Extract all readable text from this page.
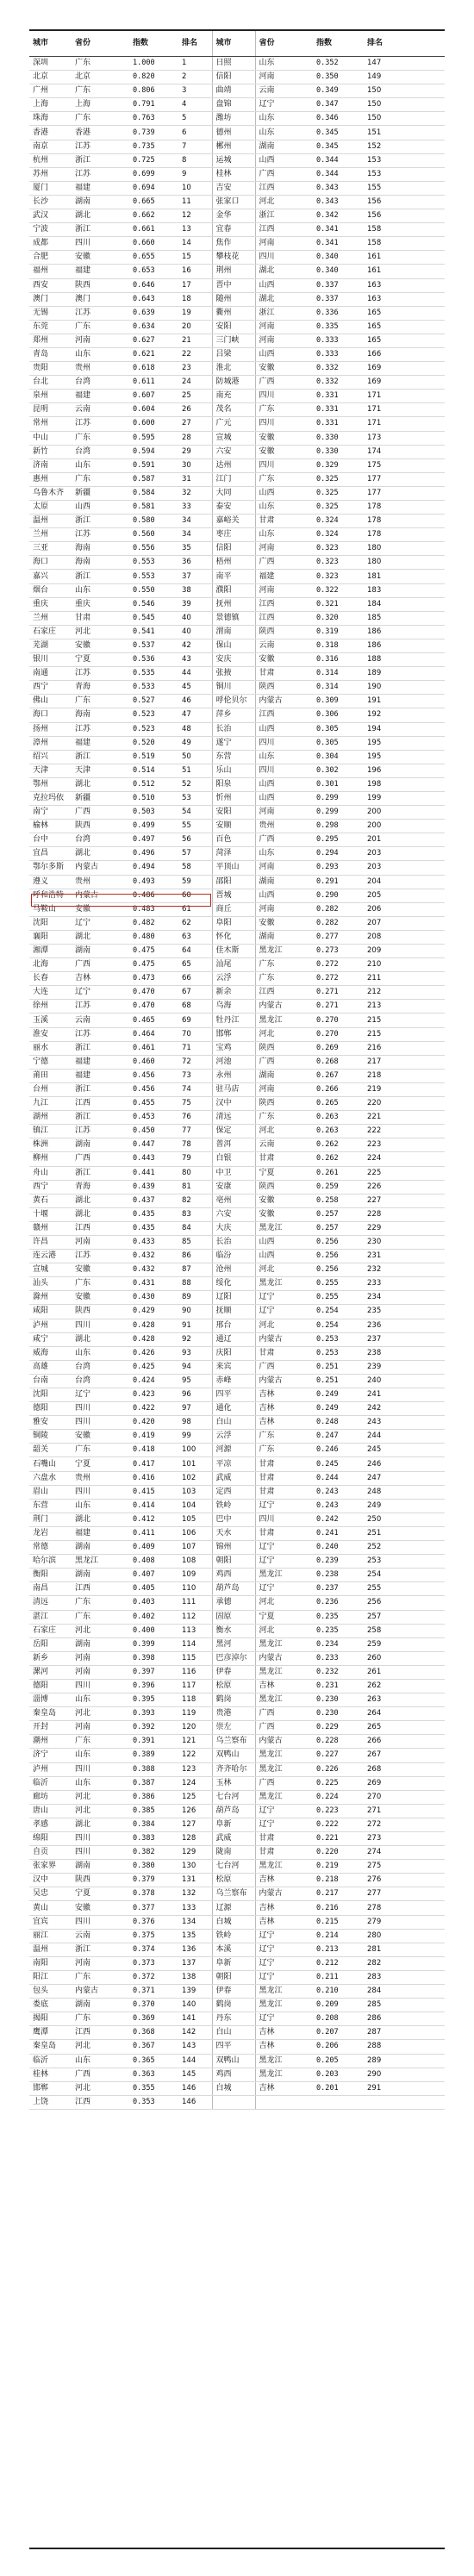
城市	省份	指数	排名	城市	省份	指数	排名
深圳	广东	1.000	1	日照	山东	0.352	147
北京	北京	0.820	2	信阳	河南	0.350	149
广州	广东	0.806	3	曲靖	云南	0.349	150
上海	上海	0.791	4	盘锦	辽宁	0.347	150
珠海	广东	0.763	5	潍坊	山东	0.346	150
香港	香港	0.739	6	德州	山东	0.345	151
南京	江苏	0.735	7	郴州	湖南	0.345	152
杭州	浙江	0.725	8	运城	山西	0.344	153
苏州	江苏	0.699	9	桂林	广西	0.344	153
厦门	福建	0.694	10	吉安	江西	0.343	155
长沙	湖南	0.665	11	张家口	河北	0.343	156
武汉	湖北	0.662	12	金华	浙江	0.342	156
宁波	浙江	0.661	13	宜春	江西	0.341	158
成都	四川	0.660	14	焦作	河南	0.341	158
合肥	安徽	0.655	15	攀枝花	四川	0.340	161
福州	福建	0.653	16	荆州	湖北	0.340	161
西安	陕西	0.646	17	晋中	山西	0.337	163
澳门	澳门	0.643	18	随州	湖北	0.337	163
无锡	江苏	0.639	19	衢州	浙江	0.336	165
东莞	广东	0.634	20	安阳	河南	0.335	165
郑州	河南	0.627	21	三门峡	河南	0.333	165
青岛	山东	0.621	22	吕梁	山西	0.333	166
贵阳	贵州	0.618	23	淮北	安徽	0.332	169
台北	台湾	0.611	24	防城港	广西	0.332	169
泉州	福建	0.607	25	南充	四川	0.331	171
昆明	云南	0.604	26	茂名	广东	0.331	171
常州	江苏	0.600	27	广元	四川	0.331	171
中山	广东	0.595	28	宣城	安徽	0.330	173
新竹	台湾	0.594	29	六安	安徽	0.330	174
济南	山东	0.591	30	达州	四川	0.329	175
惠州	广东	0.587	31	江门	广东	0.325	177
乌鲁木齐	新疆	0.584	32	大同	山西	0.325	177
太原	山西	0.581	33	泰安	山东	0.325	178
温州	浙江	0.580	34	嘉峪关	甘肃	0.324	178
兰州	江苏	0.560	34	枣庄	山东	0.324	178
三亚	海南	0.556	35	信阳	河南	0.323	180
海口	海南	0.553	36	梧州	广西	0.323	180
嘉兴	浙江	0.553	37	南平	福建	0.323	181
烟台	山东	0.550	38	濮阳	河南	0.322	183
重庆	重庆	0.546	39	抚州	江西	0.321	184
兰州	甘肃	0.545	40	景德镇	江西	0.320	185
石家庄	河北	0.541	40	渭南	陕西	0.319	186
芜湖	安徽	0.537	42	保山	云南	0.318	186
银川	宁夏	0.536	43	安庆	安徽	0.316	188
南通	江苏	0.535	44	张掖	甘肃	0.314	189
西宁	青海	0.533	45	铜川	陕西	0.314	190
佛山	广东	0.527	46	呼伦贝尔	内蒙古	0.309	191
海口	海南	0.523	47	萍乡	江西	0.306	192
扬州	江苏	0.523	48	长治	山西	0.305	194
漳州	福建	0.520	49	遂宁	四川	0.305	195
绍兴	浙江	0.519	50	东营	山东	0.304	195
天津	天津	0.514	51	乐山	四川	0.302	196
鄂州	湖北	0.512	52	阳泉	山西	0.301	198
克拉玛依	新疆	0.510	53	忻州	山西	0.299	199
南宁	广西	0.503	54	安阳	河南	0.299	200
榆林	陕西	0.499	55	安顺	贵州	0.298	200
台中	台湾	0.497	56	百色	广西	0.295	201
宜昌	湖北	0.496	57	菏泽	山东	0.294	203
鄂尔多斯	内蒙古	0.494	58	平顶山	河南	0.293	203
遵义	贵州	0.493	59	邵阳	湖南	0.291	204
呼和浩特	内蒙古	0.486	60	晋城	山西	0.290	205
马鞍山	安徽	0.483	61	商丘	河南	0.282	206
沈阳	辽宁	0.482	62	阜阳	安徽	0.282	207
襄阳	湖北	0.480	63	怀化	湖南	0.277	208
湘潭	湖南	0.475	64	佳木斯	黑龙江	0.273	209
北海	广西	0.475	65	汕尾	广东	0.272	210
长春	吉林	0.473	66	云浮	广东	0.272	211
大连	辽宁	0.470	67	新余	江西	0.271	212
徐州	江苏	0.470	68	乌海	内蒙古	0.271	213
玉溪	云南	0.465	69	牡丹江	黑龙江	0.270	215
淮安	江苏	0.464	70	邯郸	河北	0.270	215
丽水	浙江	0.461	71	宝鸡	陕西	0.269	216
宁德	福建	0.460	72	河池	广西	0.268	217
莆田	福建	0.456	73	永州	湖南	0.267	218
台州	浙江	0.456	74	驻马店	河南	0.266	219
九江	江西	0.455	75	汉中	陕西	0.265	220
湖州	浙江	0.453	76	清远	广东	0.263	221
镇江	江苏	0.450	77	保定	河北	0.263	222
株洲	湖南	0.447	78	普洱	云南	0.262	223
柳州	广西	0.443	79	白银	甘肃	0.262	224
舟山	浙江	0.441	80	中卫	宁夏	0.261	225
西宁	青海	0.439	81	安康	陕西	0.259	226
黄石	湖北	0.437	82	亳州	安徽	0.258	227
十堰	湖北	0.435	83	六安	安徽	0.257	228
赣州	江西	0.435	84	大庆	黑龙江	0.257	229
许昌	河南	0.433	85	长治	山西	0.256	230
连云港	江苏	0.432	86	临汾	山西	0.256	231
宣城	安徽	0.432	87	沧州	河北	0.256	232
汕头	广东	0.431	88	绥化	黑龙江	0.255	233
滁州	安徽	0.430	89	辽阳	辽宁	0.255	234
咸阳	陕西	0.429	90	抚顺	辽宁	0.254	235
泸州	四川	0.428	91	邢台	河北	0.254	236
咸宁	湖北	0.428	92	通辽	内蒙古	0.253	237
威海	山东	0.426	93	庆阳	甘肃	0.253	238
高雄	台湾	0.425	94	来宾	广西	0.251	239
台南	台湾	0.424	95	赤峰	内蒙古	0.251	240
沈阳	辽宁	0.423	96	四平	吉林	0.249	241
德阳	四川	0.422	97	通化	吉林	0.249	242
雅安	四川	0.420	98	白山	吉林	0.248	243
铜陵	安徽	0.419	99	云浮	广东	0.247	244
韶关	广东	0.418	100	河源	广东	0.246	245
石嘴山	宁夏	0.417	101	平凉	甘肃	0.245	246
六盘水	贵州	0.416	102	武威	甘肃	0.244	247
眉山	四川	0.415	103	定西	甘肃	0.243	248
东营	山东	0.414	104	铁岭	辽宁	0.243	249
荆门	湖北	0.412	105	巴中	四川	0.242	250
龙岩	福建	0.411	106	天水	甘肃	0.241	251
常德	湖南	0.409	107	锦州	辽宁	0.240	252
哈尔滨	黑龙江	0.408	108	朝阳	辽宁	0.239	253
衡阳	湖南	0.407	109	鸡西	黑龙江	0.238	254
南昌	江西	0.405	110	葫芦岛	辽宁	0.237	255
清远	广东	0.403	111	承德	河北	0.236	256
湛江	广东	0.402	112	固原	宁夏	0.235	257
石家庄	河北	0.400	113	衡水	河北	0.235	258
岳阳	湖南	0.399	114	黑河	黑龙江	0.234	259
新乡	河南	0.398	115	巴彦淖尔	内蒙古	0.233	260
漯河	河南	0.397	116	伊春	黑龙江	0.232	261
德阳	四川	0.396	117	松原	吉林	0.231	262
淄博	山东	0.395	118	鹤岗	黑龙江	0.230	263
秦皇岛	河北	0.393	119	贵港	广西	0.230	264
开封	河南	0.392	120	崇左	广西	0.229	265
潮州	广东	0.391	121	乌兰察布	内蒙古	0.228	266
济宁	山东	0.389	122	双鸭山	黑龙江	0.227	267
泸州	四川	0.388	123	齐齐哈尔	黑龙江	0.226	268
临沂	山东	0.387	124	玉林	广西	0.225	269
廊坊	河北	0.386	125	七台河	黑龙江	0.224	270
唐山	河北	0.385	126	葫芦岛	辽宁	0.223	271
孝感	湖北	0.384	127	阜新	辽宁	0.222	272
绵阳	四川	0.383	128	武威	甘肃	0.221	273
自贡	四川	0.382	129	陇南	甘肃	0.220	274
张家界	湖南	0.380	130	七台河	黑龙江	0.219	275
汉中	陕西	0.379	131	松原	吉林	0.218	276
吴忠	宁夏	0.378	132	乌兰察布	内蒙古	0.217	277
黄山	安徽	0.377	133	辽源	吉林	0.216	278
宜宾	四川	0.376	134	白城	吉林	0.215	279
丽江	云南	0.375	135	铁岭	辽宁	0.214	280
温州	浙江	0.374	136	本溪	辽宁	0.213	281
南阳	河南	0.373	137	阜新	辽宁	0.212	282
阳江	广东	0.372	138	朝阳	辽宁	0.211	283
包头	内蒙古	0.371	139	伊春	黑龙江	0.210	284
娄底	湖南	0.370	140	鹤岗	黑龙江	0.209	285
揭阳	广东	0.369	141	丹东	辽宁	0.208	286
鹰潭	江西	0.368	142	白山	吉林	0.207	287
秦皇岛	河北	0.367	143	四平	吉林	0.206	288
临沂	山东	0.365	144	双鸭山	黑龙江	0.205	289
桂林	广西	0.363	145	鸡西	黑龙江	0.203	290
邯郸	河北	0.355	146	白城	吉林	0.201	291
上饶	江西	0.353	146				
